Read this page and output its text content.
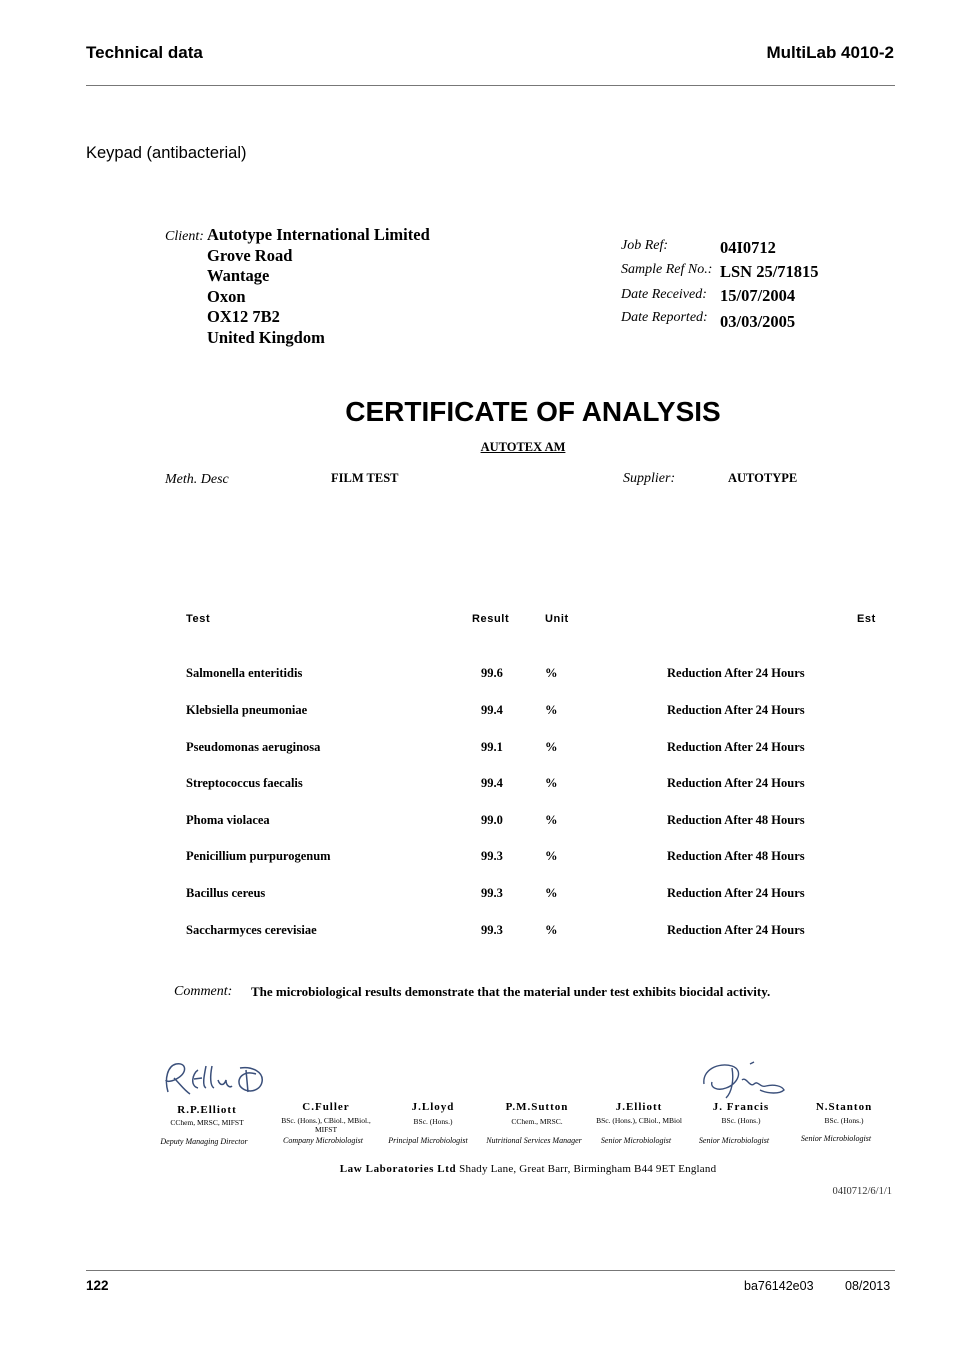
Technical data	MultiLab 4010-2
Keypad (antibacterial)
Client: Autotype International Limited
Grove Road
Wantage
Oxon
OX12 7B2
United Kingdom
Job Ref:	04I0712
Sample Ref No.: LSN 25/71815
Date Received: 15/07/2004
Date Reported: 03/03/2005
CERTIFICATE OF ANALYSIS
AUTOTEX AM
Meth. Desc	FILM TEST	Supplier:	AUTOTYPE
Test	Result	Unit	Est
Salmonella enteritidis	99.6	%	Reduction After 24 Hours
Klebsiella pneumoniae	99.4	%	Reduction After 24 Hours
Pseudomonas aeruginosa	99.1	%	Reduction After 24 Hours
Streptococcus faecalis	99.4	%	Reduction After 24 Hours
Phoma violacea	99.0	%	Reduction After 48 Hours
Penicillium purpurogenum	99.3	%	Reduction After 48 Hours
Bacillus cereus	99.3	%	Reduction After 24 Hours
Saccharmyces cerevisiae	99.3	%	Reduction After 24 Hours
Comment: The microbiological results demonstrate that the material under test exhibits biocidal activity.
R.P.Elliott
CChem, MRSC, MIFST
Deputy Managing Director
C.Fuller
BSc. (Hons.), CBiol., MBiol., MIFST
Company Microbiologist
J.Lloyd
BSc. (Hons.)
Principal Microbiologist
P.M.Sutton
CChem., MRSC.
Nutritional Services Manager
J.Elliott
BSc. (Hons.), CBiol., MBiol
Senior Microbiologist
J. Francis
BSc. (Hons.)
Senior Microbiologist
N.Stanton
BSc. (Hons.)
Senior Microbiologist
Law Laboratories Ltd Shady Lane, Great Barr, Birmingham B44 9ET England
04I0712/6/1/1
122	ba76142e03	08/2013
